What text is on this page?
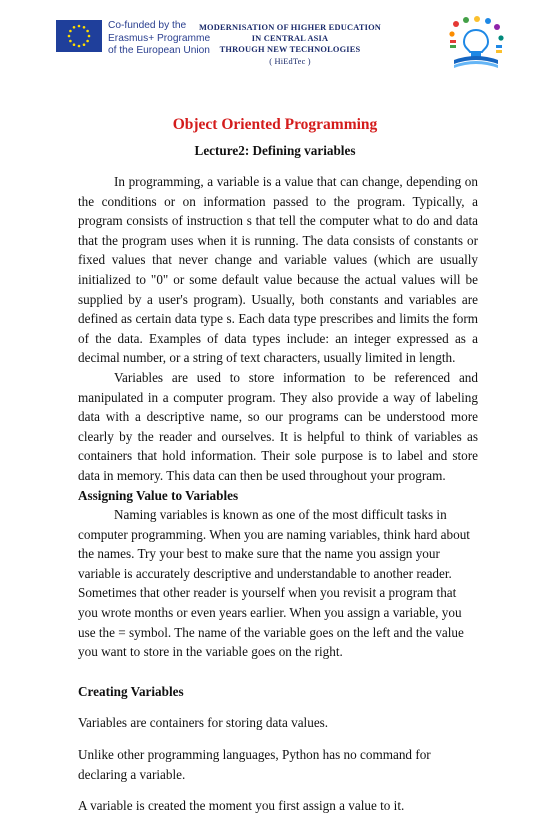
Co-funded by the
Erasmus+ Programme
of the European Union
MODERNISATION OF HIGHER EDUCATION
IN CENTRAL ASIA
THROUGH NEW TECHNOLOGIES
( HiEdTec )
Object Oriented Programming
Lecture2: Defining variables

In programming, a variable is a value that can change, depending on the conditions or on information passed to the program. Typically, a program consists of instruction s that tell the computer what to do and data that the program uses when it is running. The data consists of constants or fixed values that never change and variable values (which are usually initialized to "0" or some default value because the actual values will be supplied by a user's program). Usually, both constants and variables are defined as certain data type s. Each data type prescribes and limits the form of the data. Examples of data types include: an integer expressed as a decimal number, or a string of text characters, usually limited in length.

Variables are used to store information to be referenced and manipulated in a computer program. They also provide a way of labeling data with a descriptive name, so our programs can be understood more clearly by the reader and ourselves. It is helpful to think of variables as containers that hold information. Their sole purpose is to label and store data in memory. This data can then be used throughout your program.

Assigning Value to Variables

Naming variables is known as one of the most difficult tasks in computer programming. When you are naming variables, think hard about the names. Try your best to make sure that the name you assign your variable is accurately descriptive and understandable to another reader. Sometimes that other reader is yourself when you revisit a program that you wrote months or even years earlier. When you assign a variable, you use the = symbol. The name of the variable goes on the left and the value you want to store in the variable goes on the right.

Creating Variables

Variables are containers for storing data values.

Unlike other programming languages, Python has no command for declaring a variable.

A variable is created the moment you first assign a value to it.
